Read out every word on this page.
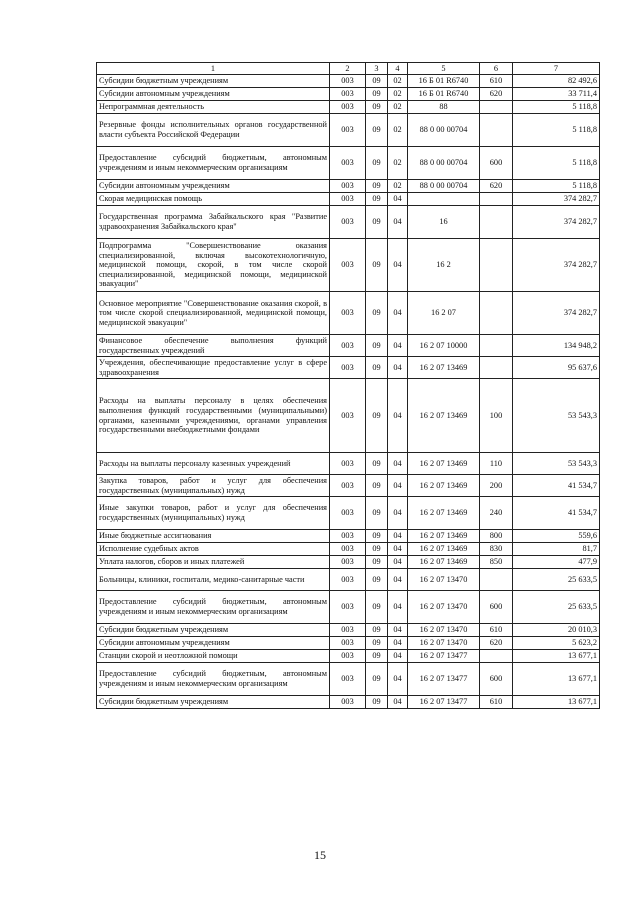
1	2	3	4	5	6	7
Субсидии бюджетным учреждениям	003	09	02	16 Б 01 R6740	610	82 492,6
Субсидии автономным учреждениям	003	09	02	16 Б 01 R6740	620	33 711,4
Непрограммная деятельность	003	09	02	88		5 118,8
Резервные фонды исполнительных органов государственной власти субъекта Российской Федерации	003	09	02	88 0 00 00704		5 118,8
Предоставление субсидий бюджетным, автономным учреждениям и иным некоммерческим организациям	003	09	02	88 0 00 00704	600	5 118,8
Субсидии автономным учреждениям	003	09	02	88 0 00 00704	620	5 118,8
Скорая медицинская помощь	003	09	04			374 282,7
Государственная программа Забайкальского края "Развитие здравоохранения Забайкальского края"	003	09	04	16		374 282,7
Подпрограмма "Совершенствование оказания специализированной, включая высокотехнологичную, медицинской помощи, скорой, в том числе скорой специализированной, медицинской помощи, медицинской эвакуации"	003	09	04	16 2		374 282,7
Основное мероприятие "Совершенствование оказания скорой, в том числе скорой специализированной, медицинской помощи, медицинской эвакуации"	003	09	04	16 2 07		374 282,7
Финансовое обеспечение выполнения функций государственных учреждений	003	09	04	16 2 07 10000		134 948,2
Учреждения, обеспечивающие предоставление услуг в сфере здравоохранения	003	09	04	16 2 07 13469		95 637,6
Расходы на выплаты персоналу в целях обеспечения выполнения функций государственными (муниципальными) органами, казенными учреждениями, органами управления государственными внебюджетными фондами	003	09	04	16 2 07 13469	100	53 543,3
Расходы на выплаты персоналу казенных учреждений	003	09	04	16 2 07 13469	110	53 543,3
Закупка товаров, работ и услуг для обеспечения государственных (муниципальных) нужд	003	09	04	16 2 07 13469	200	41 534,7
Иные закупки товаров, работ и услуг для обеспечения государственных (муниципальных) нужд	003	09	04	16 2 07 13469	240	41 534,7
Иные бюджетные ассигнования	003	09	04	16 2 07 13469	800	559,6
Исполнение судебных актов	003	09	04	16 2 07 13469	830	81,7
Уплата налогов, сборов и иных платежей	003	09	04	16 2 07 13469	850	477,9
Больницы, клиники, госпитали, медико-санитарные части	003	09	04	16 2 07 13470		25 633,5
Предоставление субсидий бюджетным, автономным учреждениям и иным некоммерческим организациям	003	09	04	16 2 07 13470	600	25 633,5
Субсидии бюджетным учреждениям	003	09	04	16 2 07 13470	610	20 010,3
Субсидии автономным учреждениям	003	09	04	16 2 07 13470	620	5 623,2
Станции скорой и неотложной помощи	003	09	04	16 2 07 13477		13 677,1
Предоставление субсидий бюджетным, автономным учреждениям и иным некоммерческим организациям	003	09	04	16 2 07 13477	600	13 677,1
Субсидии бюджетным учреждениям	003	09	04	16 2 07 13477	610	13 677,1
15
